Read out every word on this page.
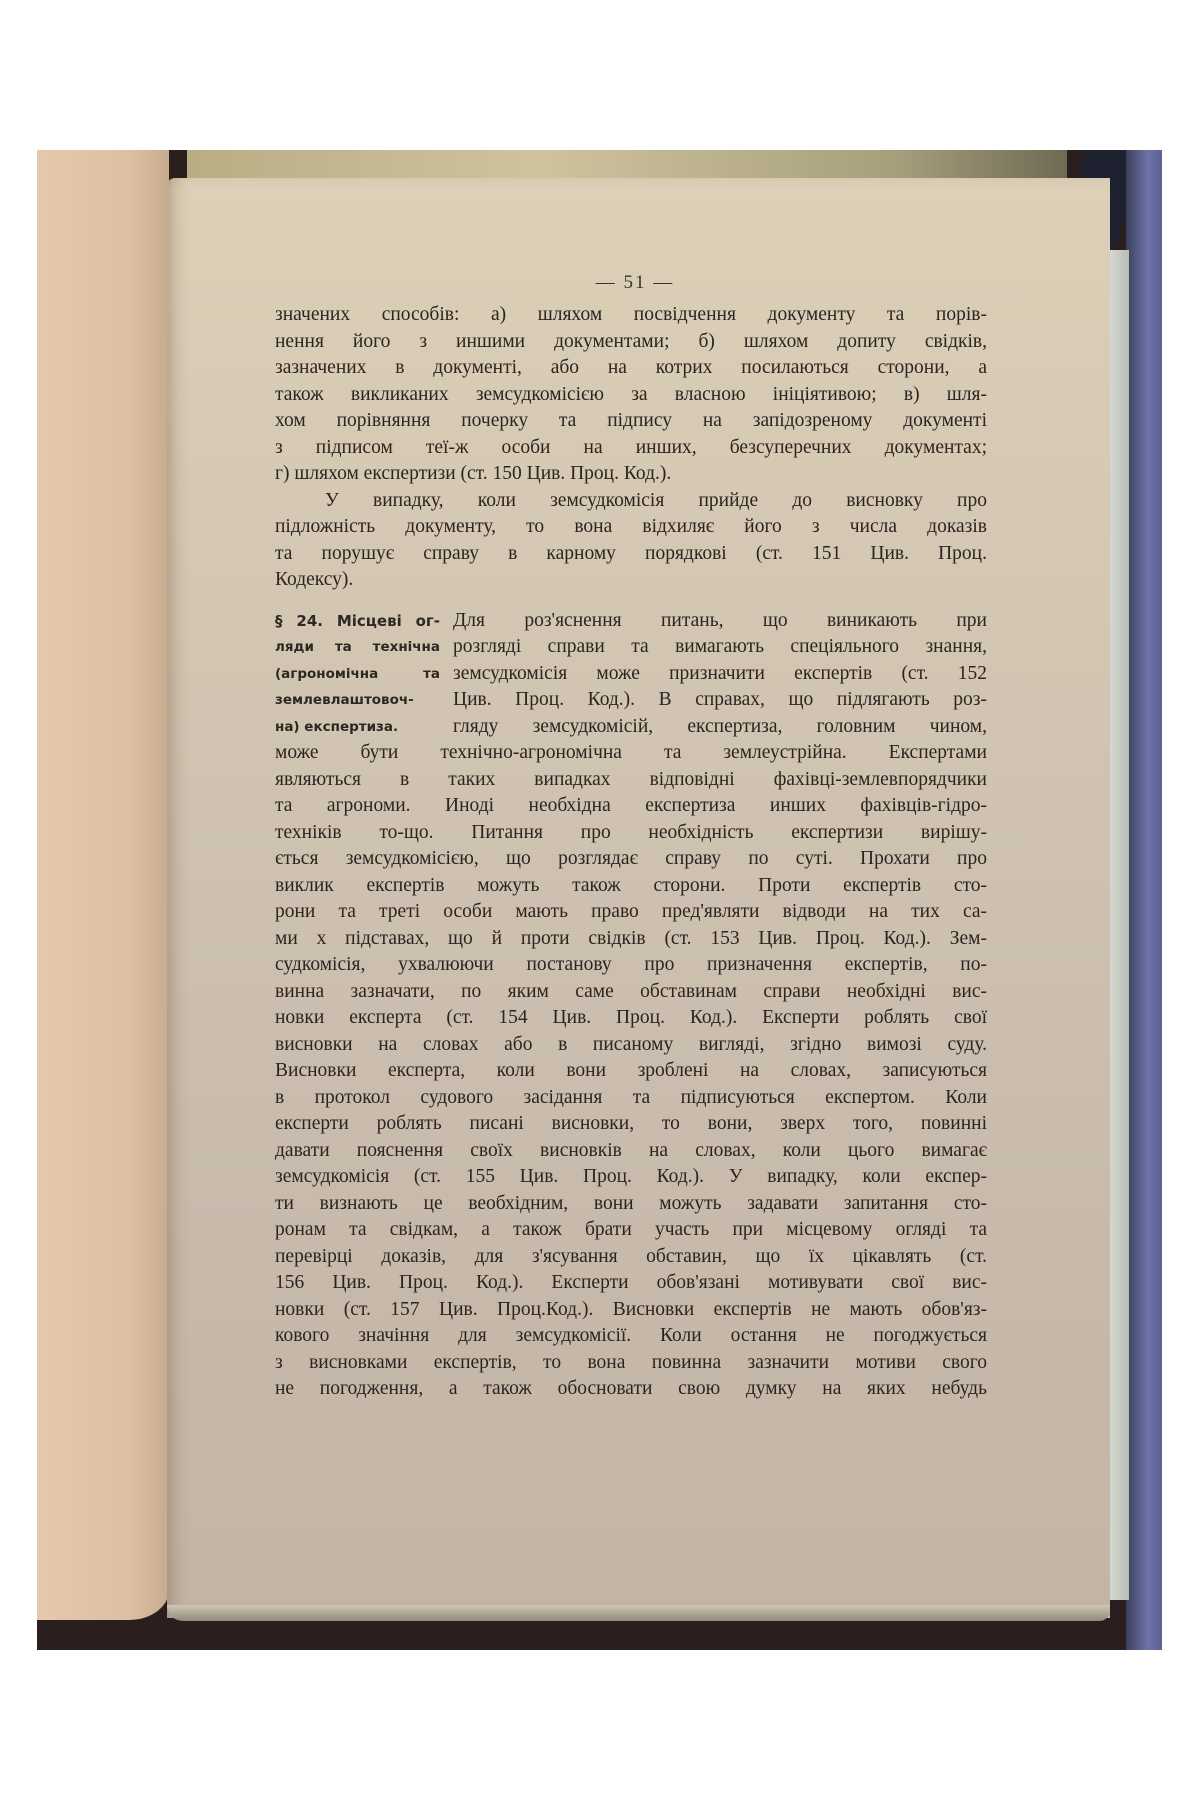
— 51 —
значених способів: а) шляхом посвідчення документу та порів-
нення його з иншими документами; б) шляхом допиту свідків,
зазначених в документі, або на котрих посилаються сторони, а
також викликаних земсудкомісією за власною ініціятивою; в) шля-
хом порівняння почерку та підпису на запідозреному документі
з підписом теї-ж особи на инших, безсуперечних документах;
г) шляхом експертизи (ст. 150 Цив. Проц. Код.).
У випадку, коли земсудкомісія прийде до висновку про
підложність документу, то вона відхиляє його з числа доказів
та порушує справу в карному порядкові (ст. 151 Цив. Проц.
Кодексу).
§ 24. Місцеві ог-
ляди та технічна
(агрономічна та
землевлаштовоч-
на) експертиза.
Для роз'яснення питань, що виникають при
розгляді справи та вимагають спеціяльного знання,
земсудкомісія може призначити експертів (ст. 152
Цив. Проц. Код.). В справах, що підлягають роз-
гляду земсудкомісій, експертиза, головним чином,
може бути технічно-агрономічна та землеустрійна. Експертами
являються в таких випадках відповідні фахівці-землевпорядчики
та агрономи. Иноді необхідна експертиза инших фахівців-гідро-
техніків то-що. Питання про необхідність експертизи вирішу-
ється земсудкомісією, що розглядає справу по суті. Прохати про
виклик експертів можуть також сторони. Проти експертів сто-
рони та треті особи мають право пред'являти відводи на тих са-
ми х підставах, що й проти свідків (ст. 153 Цив. Проц. Код.). Зем-
судкомісія, ухвалюючи постанову про призначення експертів, по-
винна зазначати, по яким саме обставинам справи необхідні вис-
новки експерта (ст. 154 Цив. Проц. Код.). Експерти роблять свої
висновки на словах або в писаному вигляді, згідно вимозі суду.
Висновки експерта, коли вони зроблені на словах, записуються
в протокол судового засідання та підписуються експертом. Коли
експерти роблять писані висновки, то вони, зверх того, повинні
давати пояснення своїх висновків на словах, коли цього вимагає
земсудкомісія (ст. 155 Цив. Проц. Код.). У випадку, коли експер-
ти визнають це веобхідним, вони можуть задавати запитання сто-
ронам та свідкам, а також брати участь при місцевому огляді та
перевірці доказів, для з'ясування обставин, що їх цікавлять (ст.
156 Цив. Проц. Код.). Експерти обов'язані мотивувати свої вис-
новки (ст. 157 Цив. Проц.Код.). Висновки експертів не мають обов'яз-
кового значіння для земсудкомісії. Коли остання не погоджується
з висновками експертів, то вона повинна зазначити мотиви свого
не погодження, а також обосновати свою думку на яких небудь
